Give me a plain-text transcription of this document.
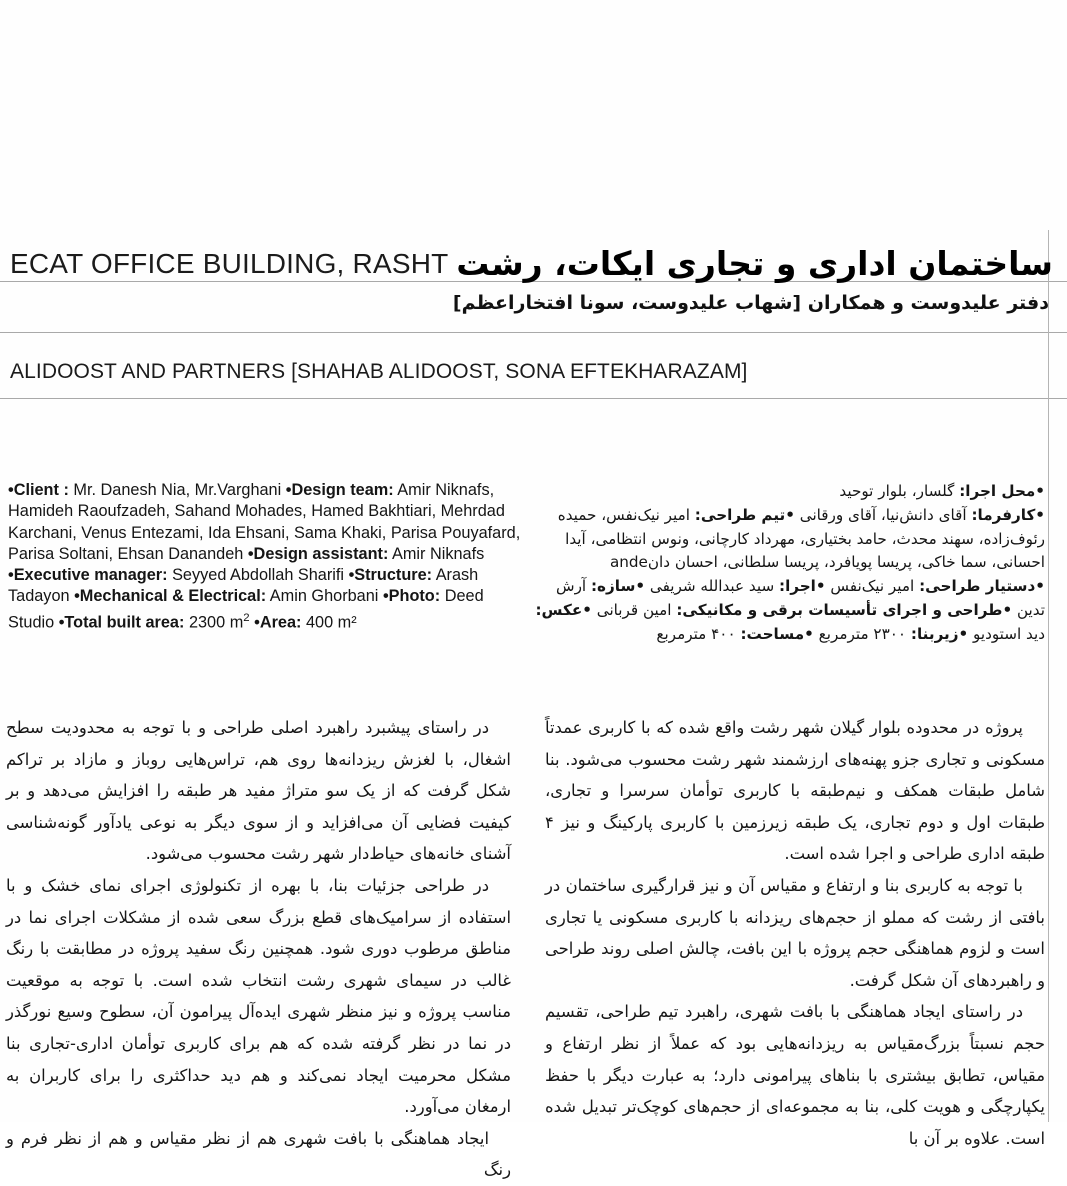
ECAT OFFICE BUILDING, RASHT ساختمان اداری و تجاری ایکات، رشت
دفتر علیدوست و همکاران [شهاب علیدوست، سونا افتخاراعظم]
ALIDOOST AND PARTNERS [SHAHAB ALIDOOST, SONA EFTEKHARAZAM]
•Client : Mr. Danesh Nia, Mr.Varghani •Design team: Amir Niknafs, Hamideh Raoufzadeh, Sahand Mohades, Hamed Bakhtiari, Mehrdad Karchani, Venus Entezami, Ida Ehsani, Sama Khaki, Parisa Pouyafard, Parisa Soltani, Ehsan Danandeh •Design assistant: Amir Niknafs •Executive manager: Seyyed Abdollah Sharifi •Structure: Arash Tadayon •Mechanical & Electrical: Amin Ghorbani •Photo: Deed Studio •Total built area: 2300 $m^2$ •Area: 400 m²
•محل اجرا: گلسار، بلوار توحید
•کارفرما: آقای دانش‌نیا، آقای ورقانی •تیم طراحی: امیر نیک‌نفس، حمیده رئوف‌زاده، سهند محدث، حامد بختیاری، مهرداد کارچانی، ونوس انتظامی، آیدا احسانی، سما خاکی، پریسا پویافرد، پریسا سلطانی، احسان دانande
•دستیار طراحی: امیر نیک‌نفس •اجرا: سید عبدالله شریفی •سازه: آرش تدین •طراحی و اجرای تأسیسات برقی و مکانیکی: امین قربانی •عکس: دید استودیو •زیربنا: ۲۳۰۰ مترمربع •مساحت: ۴۰۰ مترمربع

پروژه در محدوده بلوار گیلان شهر رشت واقع شده که با کاربری عمدتاً مسکونی و تجاری جزو پهنه‌های ارزشمند شهر رشت محسوب می‌شود. بنا شامل طبقات همکف و نیم‌طبقه با کاربری توأمان سرسرا و تجاری، طبقات اول و دوم تجاری، یک طبقه زیرزمین با کاربری پارکینگ و نیز ۴ طبقه اداری طراحی و اجرا شده است.

با توجه به کاربری بنا و ارتفاع و مقیاس آن و نیز قرارگیری ساختمان در بافتی از رشت که مملو از حجم‌های ریزدانه با کاربری مسکونی یا تجاری است و لزوم هماهنگی حجم پروژه با این بافت، چالش اصلی روند طراحی و راهبردهای آن شکل گرفت.

در راستای ایجاد هماهنگی با بافت شهری، راهبرد تیم طراحی، تقسیم حجم نسبتاً بزرگ‌مقیاس به ریزدانه‌هایی بود که عملاً از نظر ارتفاع و مقیاس، تطابق بیشتری با بناهای پیرامونی دارد؛ به عبارت دیگر با حفظ یکپارچگی و هویت کلی، بنا به مجموعه‌ای از حجم‌های کوچک‌تر تبدیل شده است. علاوه بر آن با

در راستای پیشبرد راهبرد اصلی طراحی و با توجه به محدودیت سطح اشغال، با لغزش ریزدانه‌ها روی هم، تراس‌هایی روباز و مازاد بر تراکم شکل گرفت که از یک سو متراژ مفید هر طبقه را افزایش می‌دهد و بر کیفیت فضایی آن می‌افزاید و از سوی دیگر به نوعی یادآور گونه‌شناسی آشنای خانه‌های حیاط‌دار شهر رشت محسوب می‌شود.

در طراحی جزئیات بنا، با بهره از تکنولوژی اجرای نمای خشک و با استفاده از سرامیک‌های قطع بزرگ سعی شده از مشکلات اجرای نما در مناطق مرطوب دوری شود. همچنین رنگ سفید پروژه در مطابقت با رنگ غالب در سیمای شهری رشت انتخاب شده است. با توجه به موقعیت مناسب پروژه و نیز منظر شهری ایده‌آل پیرامون آن، سطوح وسیع نورگذر در نما در نظر گرفته شده که هم برای کاربری توأمان اداری-تجاری بنا مشکل محرمیت ایجاد نمی‌کند و هم دید حداکثری را برای کاربران به ارمغان می‌آورد.

ایجاد هماهنگی با بافت شهری هم از نظر مقیاس و هم از نظر فرم و رنگ
